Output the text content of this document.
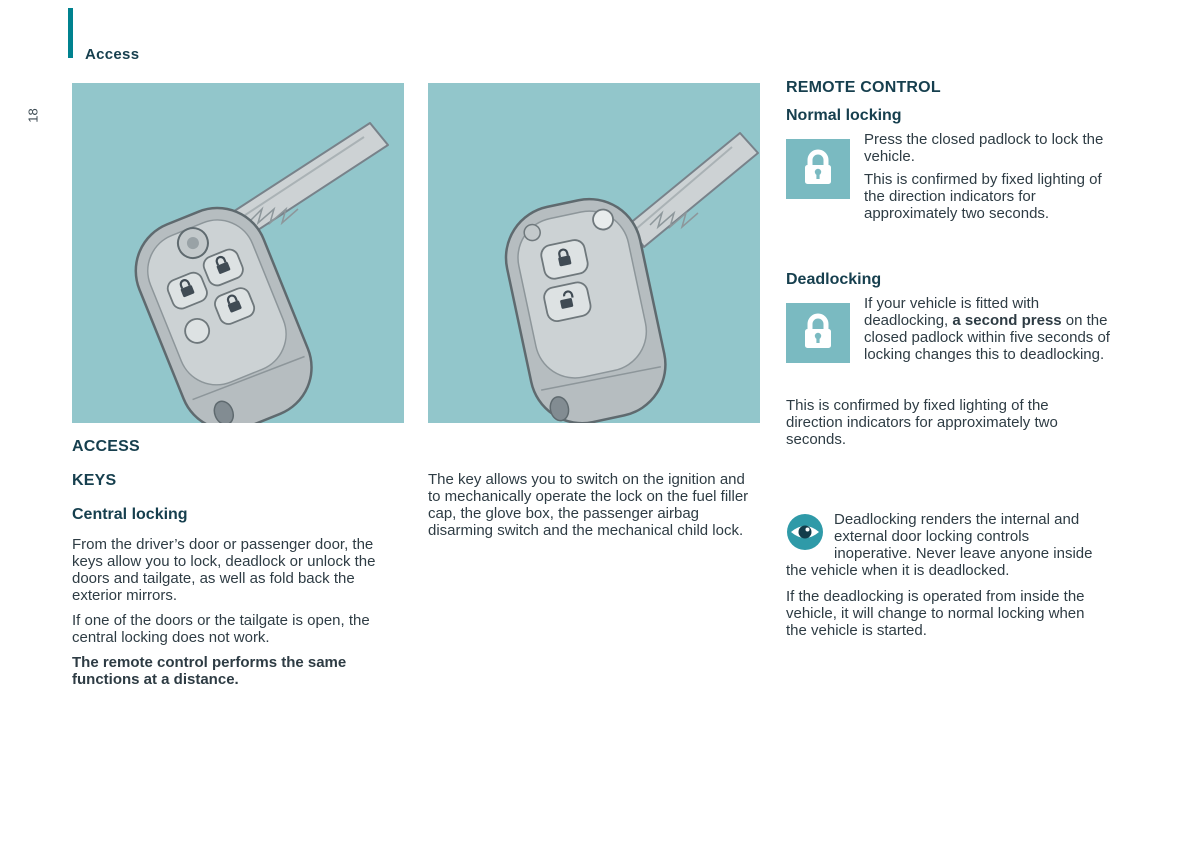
Access
18
ACCESS
KEYS
Central locking

From the driver’s door or passenger door, the keys allow you to lock, deadlock or unlock the doors and tailgate, as well as fold back the exterior mirrors.

If one of the doors or the tailgate is open, the central locking does not work.

The remote control performs the same functions at a distance.

The key allows you to switch on the ignition and to mechanically operate the lock on the fuel filler cap, the glove box, the passenger airbag disarming switch and the mechanical child lock.

REMOTE CONTROL
Normal locking

Press the closed padlock to lock the vehicle.

This is confirmed by fixed lighting of the direction indicators for approximately two seconds.

Deadlocking

If your vehicle is fitted with deadlocking, a second press on the closed padlock within five seconds of locking changes this to deadlocking.

This is confirmed by fixed lighting of the direction indicators for approximately two seconds.

Deadlocking renders the internal and external door locking controls inoperative. Never leave anyone inside the vehicle when it is deadlocked.

If the deadlocking is operated from inside the vehicle, it will change to normal locking when the vehicle is started.
